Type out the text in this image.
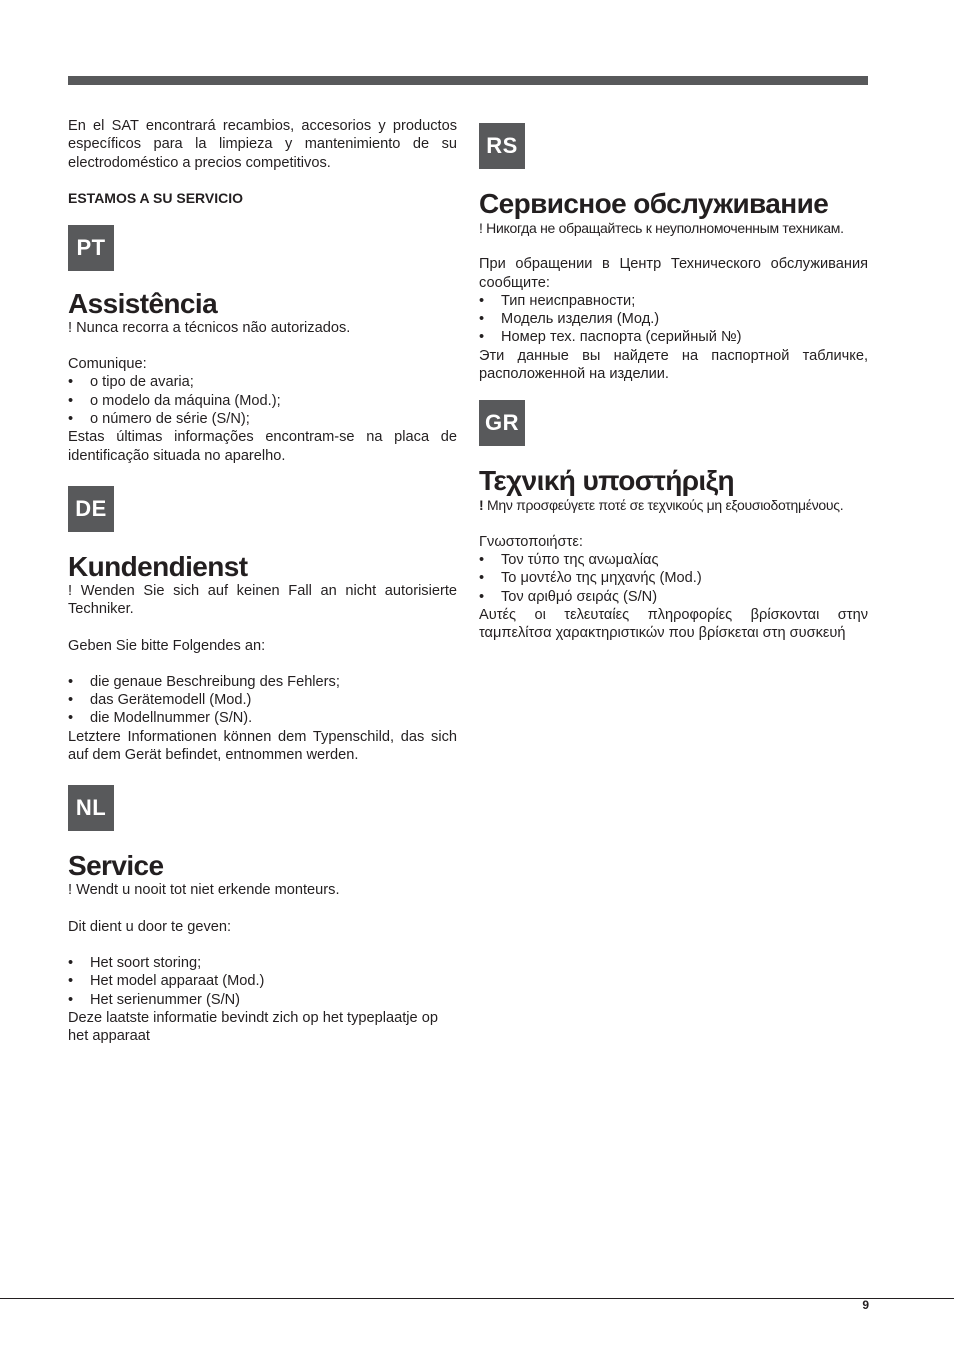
En el SAT encontrará recambios, accesorios y productos específicos para la limpieza y mantenimiento de su electrodoméstico a precios competitivos.

ESTAMOS A SU SERVICIO

PT
Assistência

! Nunca recorra a técnicos não autorizados.

Comunique:

• o tipo de avaria;
• o modelo da máquina (Mod.);
• o número de série (S/N);

Estas últimas informações encontram-se na placa de identificação situada no aparelho.

DE
Kundendienst

! Wenden Sie sich auf keinen Fall an nicht autorisierte Techniker.

Geben Sie bitte Folgendes an:

• die genaue Beschreibung des Fehlers;
• das Gerätemodell (Mod.)
• die Modellnummer (S/N).

Letztere Informationen können dem Typenschild, das sich auf dem Gerät befindet, entnommen werden.

NL
Service

! Wendt u nooit tot niet erkende monteurs.

Dit dient u door te geven:

• Het soort storing;
• Het model apparaat (Mod.)
• Het serienummer (S/N)

Deze laatste informatie bevindt zich op het typeplaatje op het apparaat

RS
Сервисное обслуживание

! Никогда не обращайтесь к неуполномоченным техникам.

При обращении в Центр Технического обслуживания сообщите:

• Тип неисправности;
• Модель изделия (Мод.)
• Номер тех. паспорта (серийный №)

Эти данные вы найдете на паспортной табличке, расположенной на изделии.

GR
Τεχνική υποστήριξη

! Μην προσφεύγετε ποτέ σε τεχνικούς μη εξουσιοδοτημένους.

Γνωστοποιήστε:

• Τον τύπο της ανωμαλίας
• Το μοντέλο της μηχανής (Mod.)
• Τον αριθμό σειράς (S/N)

Αυτές οι τελευταίες πληροφορίες βρίσκονται στην ταμπελίτσα χαρακτηριστικών που βρίσκεται στη συσκευή

9
